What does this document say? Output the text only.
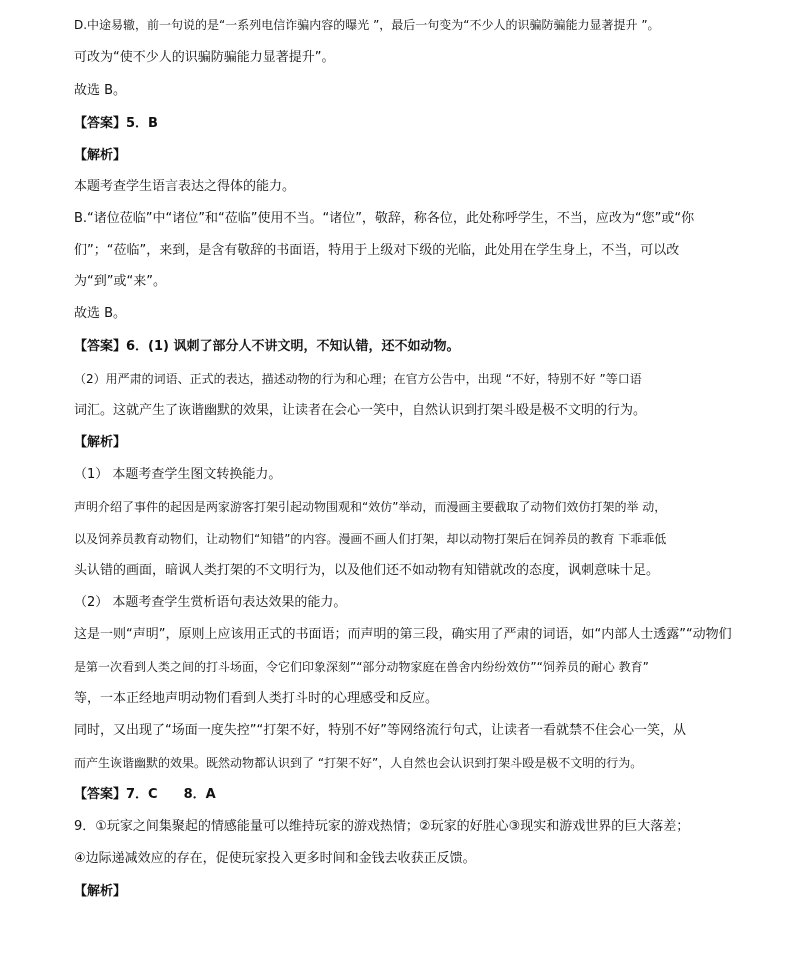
D.中途易辙，前一句说的是“一系列电信诈骗内容的曝光 ”，最后一句变为“不少人的识骗防骗能力显著提升 ”。
可改为“使不少人的识骗防骗能力显著提升”。
故选 B。
【答案】5．B
【解析】
本题考查学生语言表达之得体的能力。
B.“诸位莅临”中“诸位”和“莅临”使用不当。“诸位”，敬辞，称各位，此处称呼学生，不当，应改为“您”或“你
们”；“莅临”，来到，是含有敬辞的书面语，特用于上级对下级的光临，此处用在学生身上，不当，可以改
为“到”或“来”。
故选 B。
【答案】6．(1) 讽刺了部分人不讲文明，不知认错，还不如动物。
（2）用严肃的词语、正式的表达，描述动物的行为和心理；在官方公告中，出现 “不好，特别不好 ”等口语
词汇。这就产生了诙谐幽默的效果，让读者在会心一笑中，自然认识到打架斗殴是极不文明的行为。
【解析】
（1） 本题考查学生图文转换能力。
声明介绍了事件的起因是两家游客打架引起动物围观和“效仿”举动，而漫画主要截取了动物们效仿打架的举 动，
以及饲养员教育动物们，让动物们“知错”的内容。漫画不画人们打架，却以动物打架后在饲养员的教育 下乖乖低
头认错的画面，暗讽人类打架的不文明行为，以及他们还不如动物有知错就改的态度，讽刺意味十足。
（2） 本题考查学生赏析语句表达效果的能力。
这是一则“声明”，原则上应该用正式的书面语；而声明的第三段，确实用了严肃的词语，如“内部人士透露”“动物们
是第一次看到人类之间的打斗场面，令它们印象深刻”“部分动物家庭在兽舍内纷纷效仿”“饲养员的耐心 教育”
等，一本正经地声明动物们看到人类打斗时的心理感受和反应。
同时，又出现了“场面一度失控”“打架不好，特别不好”等网络流行句式，让读者一看就禁不住会心一笑，从
而产生诙谐幽默的效果。既然动物都认识到了 “打架不好”，人自然也会认识到打架斗殴是极不文明的行为。
【答案】7．C　　8．A
9．①玩家之间集聚起的情感能量可以维持玩家的游戏热情；②玩家的好胜心③现实和游戏世界的巨大落差；
④边际递减效应的存在，促使玩家投入更多时间和金钱去收获正反馈。
【解析】
